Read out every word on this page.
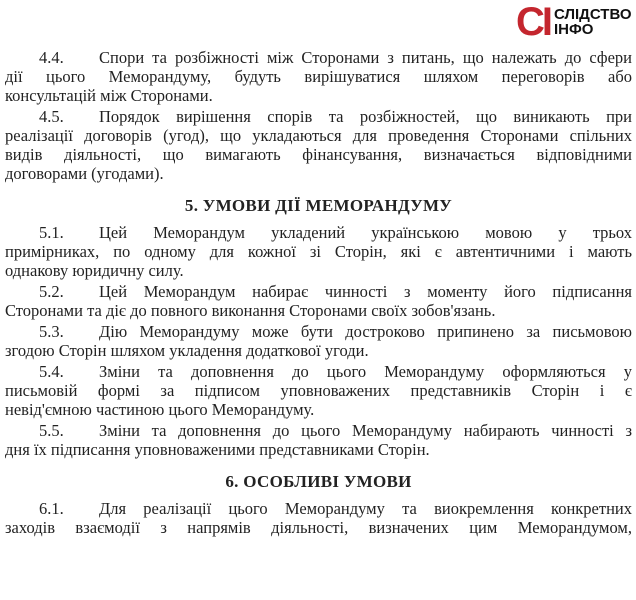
СІ СЛІДСТВО
ІНФО
4.4.	Спори та розбіжності між Сторонами з питань, що належать до сфери
дії цього Меморандуму, будуть вирішуватися шляхом переговорів або
консультацій між Сторонами.
4.5.	Порядок вирішення спорів та розбіжностей, що виникають при
реалізації договорів (угод), що укладаються для проведення Сторонами спільних
видів діяльності, що вимагають фінансування, визначається відповідними
договорами (угодами).
5. УМОВИ ДІЇ МЕМОРАНДУМУ
5.1.	Цей Меморандум укладений українською мовою у трьох
примірниках, по одному для кожної зі Сторін, які є автентичними і мають
однакову юридичну силу.
5.2.	Цей Меморандум набирає чинності з моменту його підписання
Сторонами та діє до повного виконання Сторонами своїх зобов'язань.
5.3.	Дію Меморандуму може бути достроково припинено за письмовою
згодою Сторін шляхом укладення додаткової угоди.
5.4.	Зміни та доповнення до цього Меморандуму оформляються у
письмовій формі за підписом уповноважених представників Сторін і є
невід'ємною частиною цього Меморандуму.
5.5.	Зміни та доповнення до цього Меморандуму набирають чинності з
дня їх підписання уповноваженими представниками Сторін.
6. ОСОБЛИВІ УМОВИ
6.1.	Для реалізації цього Меморандуму та виокремлення конкретних
заходів взаємодії з напрямів діяльності, визначених цим Меморандумом,
